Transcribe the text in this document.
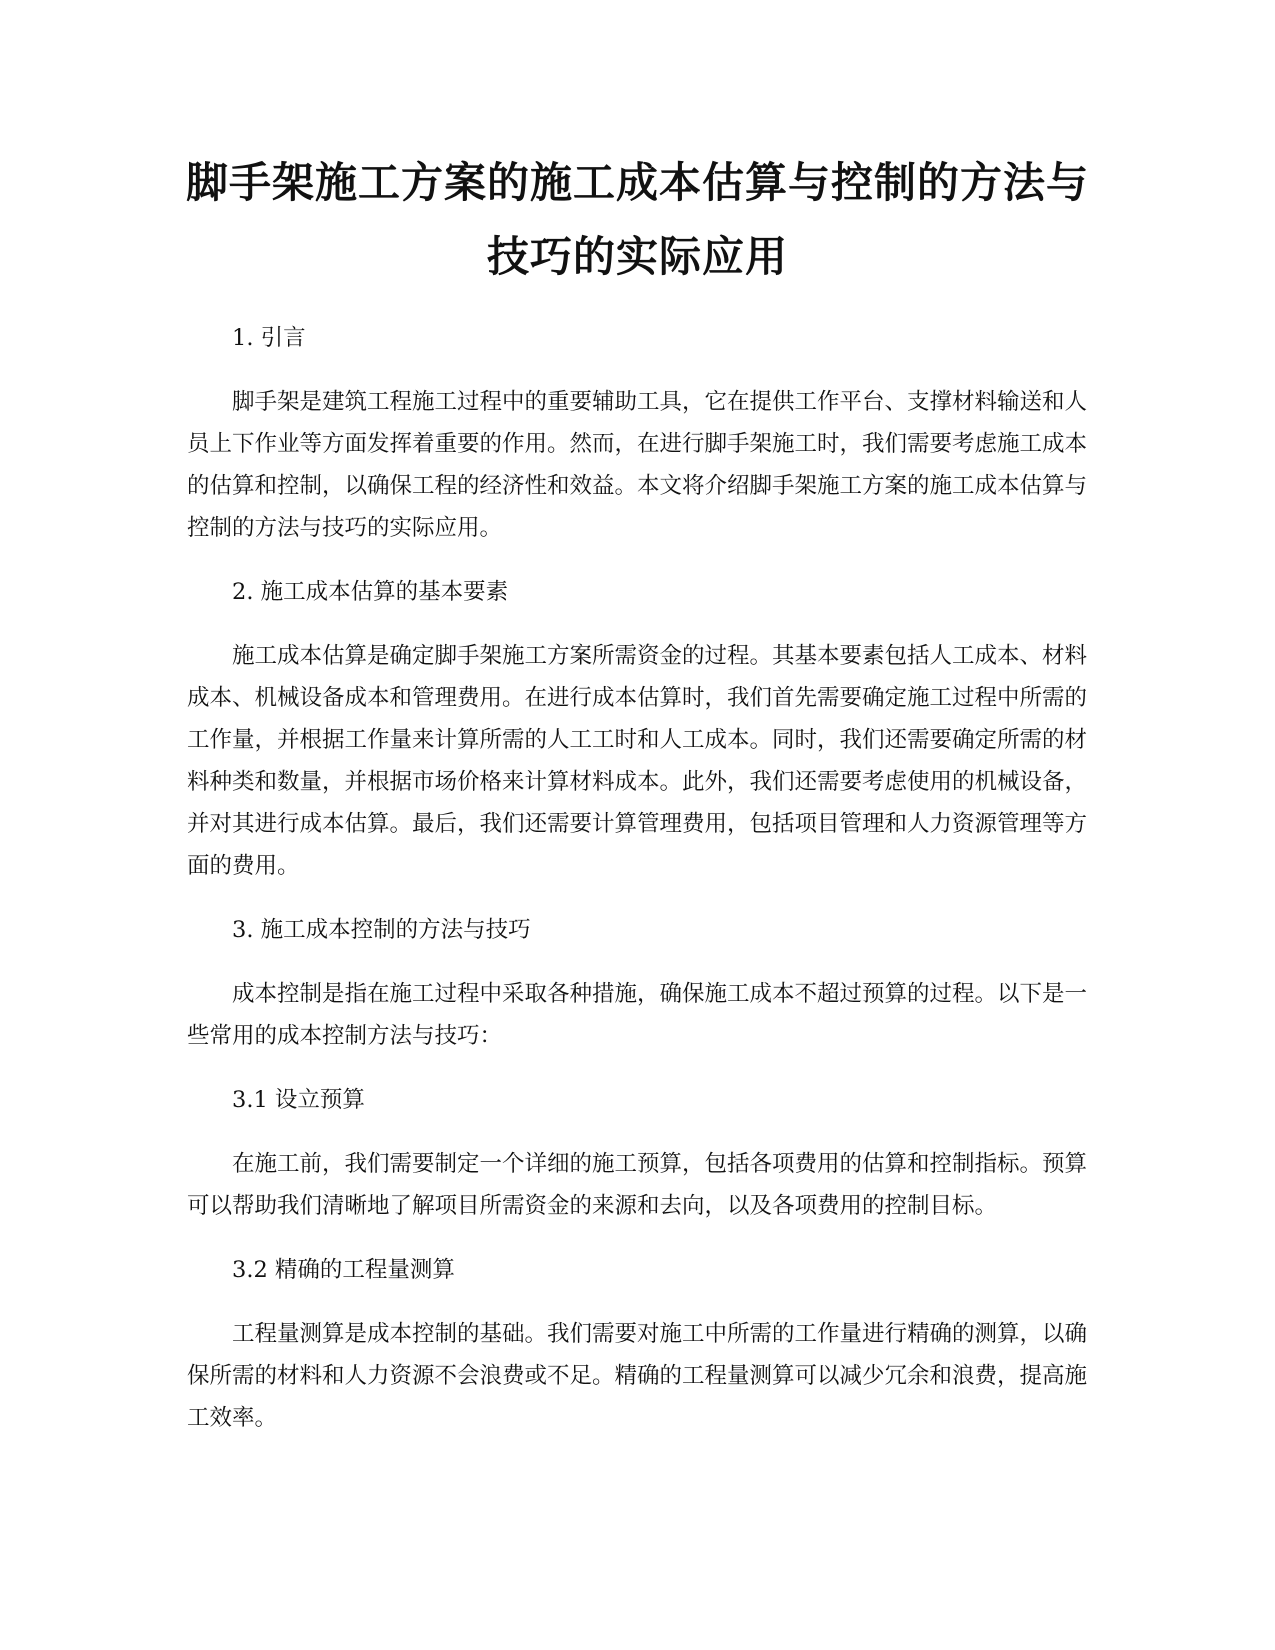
脚手架施工方案的施工成本估算与控制的方法与技巧的实际应用

1. 引言

脚手架是建筑工程施工过程中的重要辅助工具，它在提供工作平台、支撑材料输送和人员上下作业等方面发挥着重要的作用。然而，在进行脚手架施工时，我们需要考虑施工成本的估算和控制，以确保工程的经济性和效益。本文将介绍脚手架施工方案的施工成本估算与控制的方法与技巧的实际应用。

2. 施工成本估算的基本要素

施工成本估算是确定脚手架施工方案所需资金的过程。其基本要素包括人工成本、材料成本、机械设备成本和管理费用。在进行成本估算时，我们首先需要确定施工过程中所需的工作量，并根据工作量来计算所需的人工工时和人工成本。同时，我们还需要确定所需的材料种类和数量，并根据市场价格来计算材料成本。此外，我们还需要考虑使用的机械设备，并对其进行成本估算。最后，我们还需要计算管理费用，包括项目管理和人力资源管理等方面的费用。

3. 施工成本控制的方法与技巧

成本控制是指在施工过程中采取各种措施，确保施工成本不超过预算的过程。以下是一些常用的成本控制方法与技巧：

3.1 设立预算

在施工前，我们需要制定一个详细的施工预算，包括各项费用的估算和控制指标。预算可以帮助我们清晰地了解项目所需资金的来源和去向，以及各项费用的控制目标。

3.2 精确的工程量测算

工程量测算是成本控制的基础。我们需要对施工中所需的工作量进行精确的测算，以确保所需的材料和人力资源不会浪费或不足。精确的工程量测算可以减少冗余和浪费，提高施工效率。
